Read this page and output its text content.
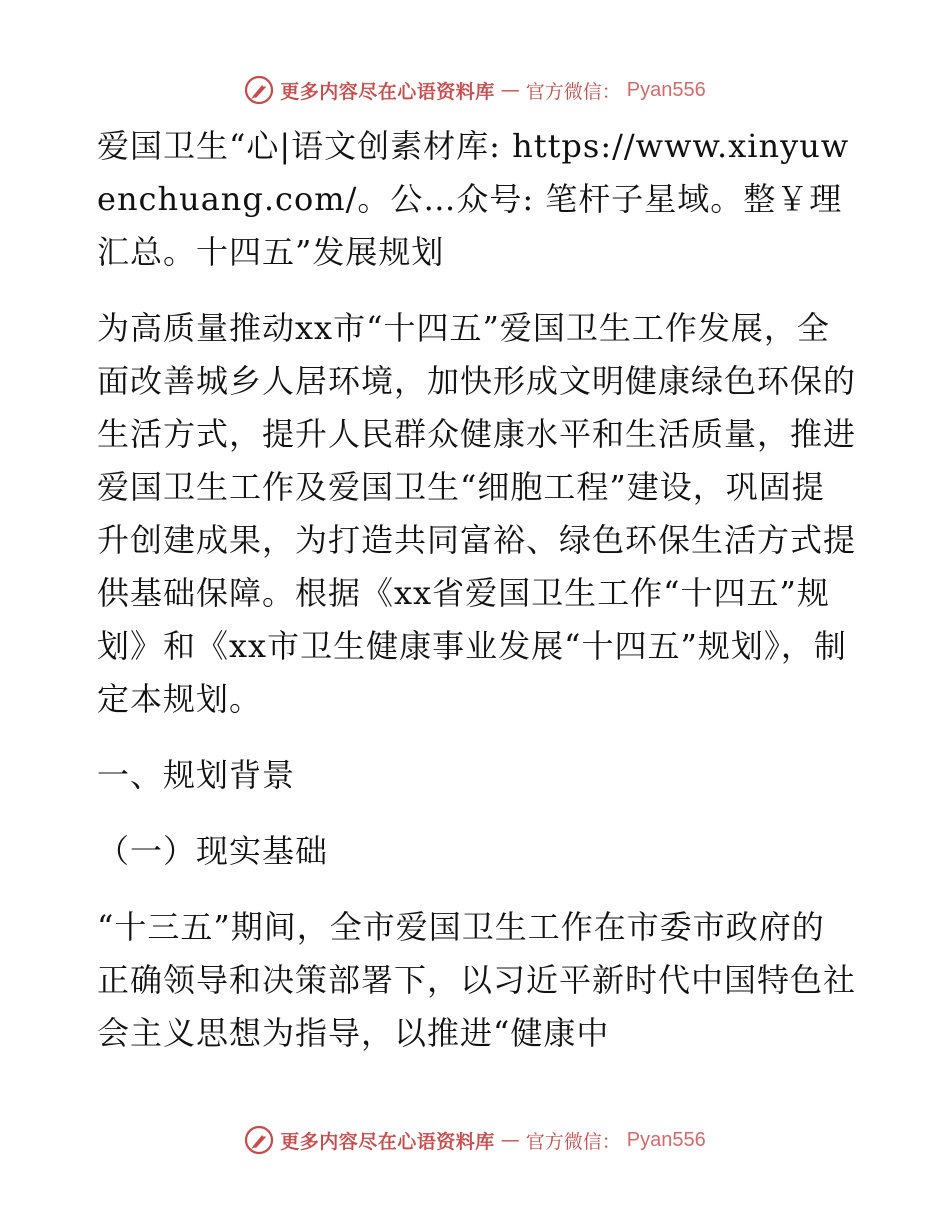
更多内容尽在心语资料库 — 官方微信： Pyan556

爱国卫生“心|语文创素材库: https://www.xinyuwenchuang.com/。公…众号: 笔杆子星域。整￥理汇总。十四五”发展规划

为高质量推动xx市“十四五”爱国卫生工作发展，全面改善城乡人居环境，加快形成文明健康绿色环保的生活方式，提升人民群众健康水平和生活质量，推进爱国卫生工作及爱国卫生“细胞工程”建设，巩固提升创建成果，为打造共同富裕、绿色环保生活方式提供基础保障。根据《xx省爱国卫生工作“十四五”规划》和《xx市卫生健康事业发展“十四五”规划》，制定本规划。

一、规划背景

（一）现实基础

“十三五”期间，全市爱国卫生工作在市委市政府的正确领导和决策部署下，以习近平新时代中国特色社会主义思想为指导，以推进“健康中

更多内容尽在心语资料库 — 官方微信： Pyan556
